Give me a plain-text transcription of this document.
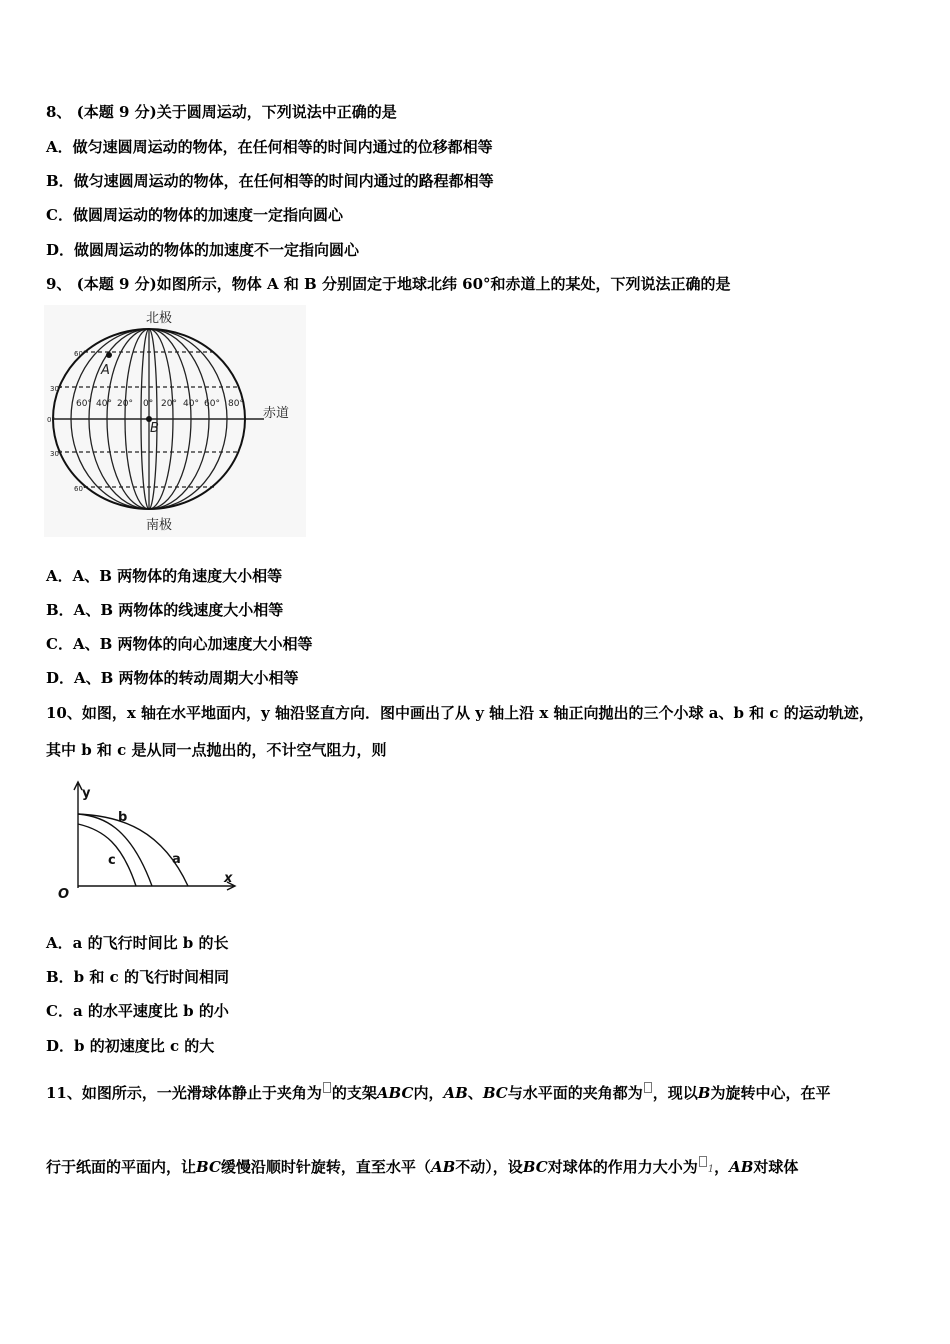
8、 (本题 9 分)关于圆周运动，下列说法中正确的是
A．做匀速圆周运动的物体，在任何相等的时间内通过的位移都相等
B．做匀速圆周运动的物体，在任何相等的时间内通过的路程都相等
C．做圆周运动的物体的加速度一定指向圆心
D．做圆周运动的物体的加速度不一定指向圆心
9、 (本题 9 分)如图所示，物体 A 和 B 分别固定于地球北纬 60°和赤道上的某处，下列说法正确的是
北极
南极
赤道
60°
30°
0°
30°
60°
60° 40° 20° 0° 20° 40° 60° 80°
A
B
A．A、B 两物体的角速度大小相等
B．A、B 两物体的线速度大小相等
C．A、B 两物体的向心加速度大小相等
D．A、B 两物体的转动周期大小相等
10、如图，x 轴在水平地面内，y 轴沿竖直方向．图中画出了从 y 轴上沿 x 轴正向抛出的三个小球 a、b 和 c 的运动轨迹，
其中 b 和 c 是从同一点抛出的，不计空气阻力，则
y
x
O
b
c	a
A．a 的飞行时间比 b 的长
B．b 和 c 的飞行时间相同
C．a 的水平速度比 b 的小
D．b 的初速度比 c 的大
11、如图所示，一光滑球体静止于夹角为 的支架ABC内，AB、BC与水平面的夹角都为 ，现以B为旋转中心，在平
行于纸面的平面内，让BC缓慢沿顺时针旋转，直至水平（AB不动），设BC对球体的作用力大小为 1，AB对球体
